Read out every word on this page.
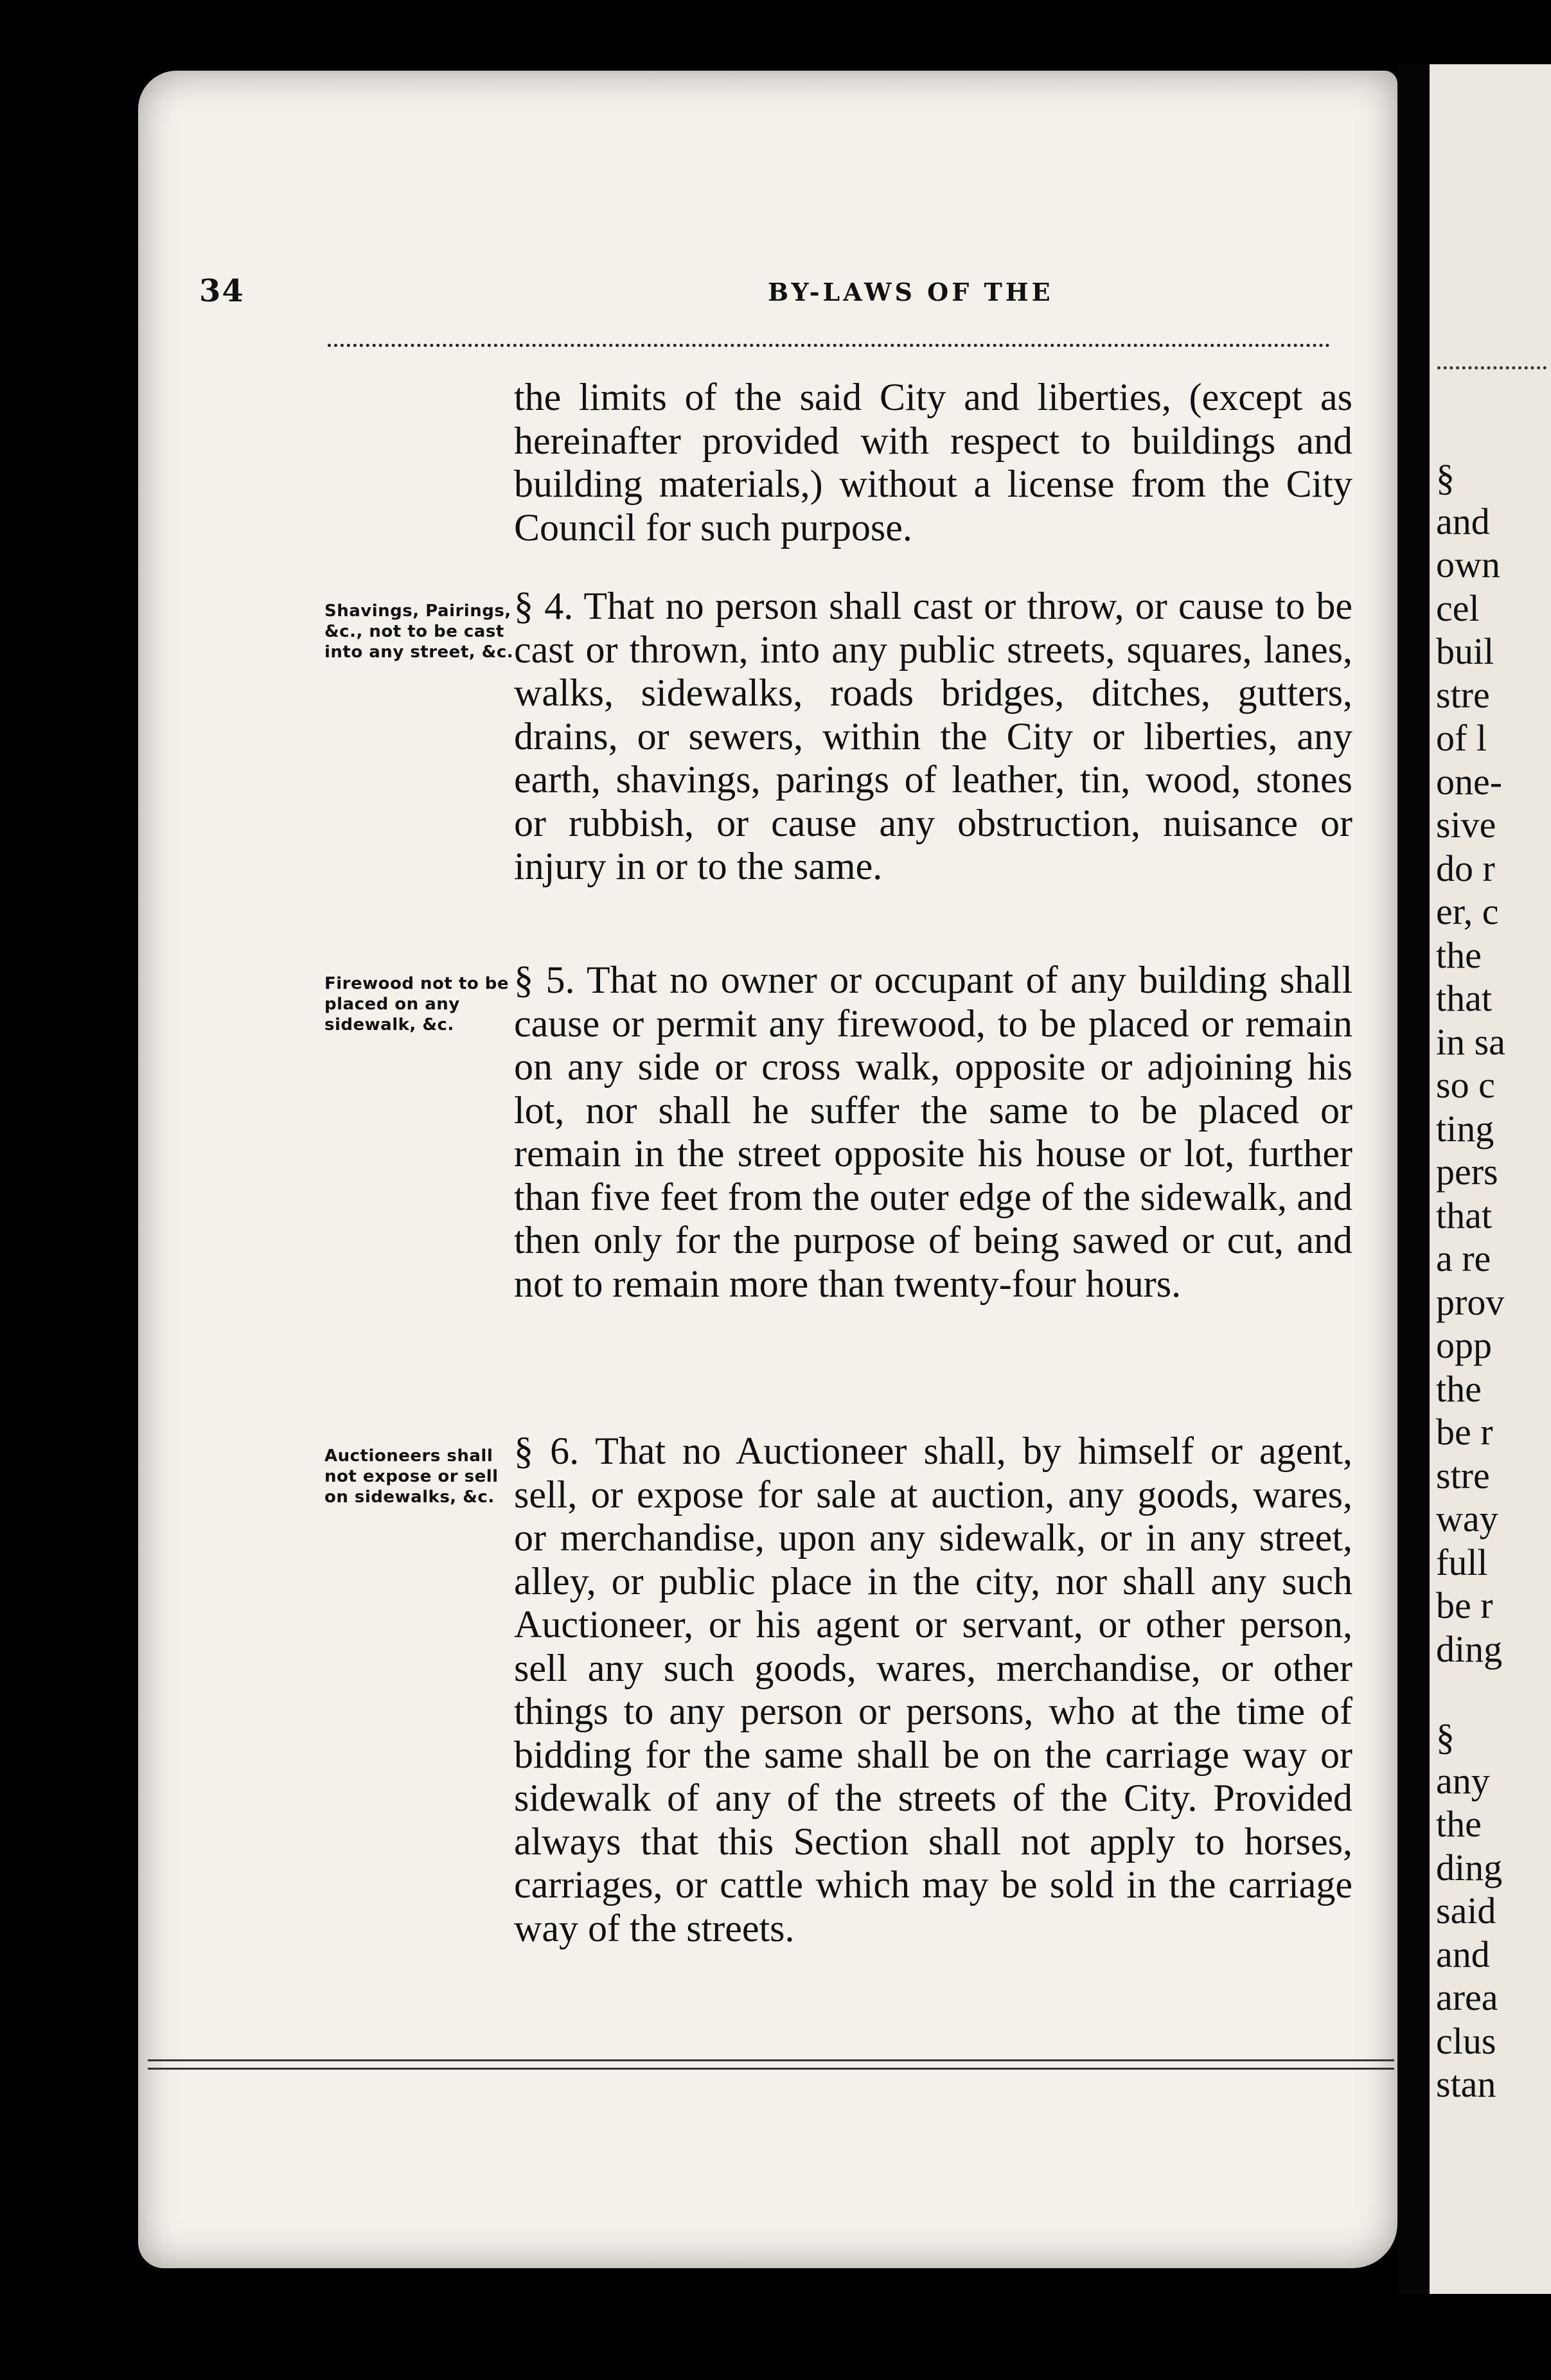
§
and
own
cel
buil
stre
of l
one-
sive
do r
er, c
the
that
in sa
so c
ting
pers
that
a re
prov
opp
the
be r
stre
way
full
be r
ding
§
any
the
ding
said
and
area
clus
stan
34	BY-LAWS OF THE

the limits of the said City and liberties, (except as hereinafter provided with respect to buildings and building materials,) without a license from the City Council for such purpose.

Shavings, Pairings, &c., not to be cast into any street, &c.

§ 4. That no person shall cast or throw, or cause to be cast or thrown, into any public streets, squares, lanes, walks, sidewalks, roads bridges, ditches, gutters, drains, or sewers, within the City or liberties, any earth, shavings, parings of leather, tin, wood, stones or rubbish, or cause any obstruction, nuisance or injury in or to the same.

Firewood not to be placed on any sidewalk, &c.

§ 5. That no owner or occupant of any building shall cause or permit any firewood, to be placed or remain on any side or cross walk, opposite or adjoining his lot, nor shall he suffer the same to be placed or remain in the street opposite his house or lot, further than five feet from the outer edge of the sidewalk, and then only for the purpose of being sawed or cut, and not to remain more than twenty-four hours.

Auctioneers shall not expose or sell on sidewalks, &c.

§ 6. That no Auctioneer shall, by himself or agent, sell, or expose for sale at auction, any goods, wares, or merchandise, upon any sidewalk, or in any street, alley, or public place in the city, nor shall any such Auctioneer, or his agent or servant, or other person, sell any such goods, wares, merchandise, or other things to any person or persons, who at the time of bidding for the same shall be on the carriage way or sidewalk of any of the streets of the City. Provided always that this Section shall not apply to horses, carriages, or cattle which may be sold in the carriage way of the streets.
